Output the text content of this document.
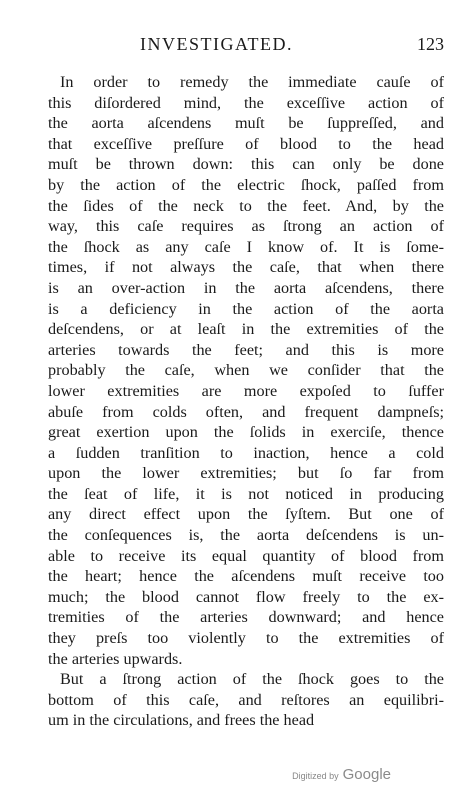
INVESTIGATED.	123
In order to remedy the immediate cauſe of
this diſordered mind, the exceſſive action of
the aorta aſcendens muſt be ſuppreſſed, and
that exceſſive preſſure of blood to the head
muſt be thrown down: this can only be done
by the action of the electric ſhock, paſſed from
the ſides of the neck to the feet. And, by the
way, this caſe requires as ſtrong an action of
the ſhock as any caſe I know of. It is ſome-
times, if not always the caſe, that when there
is an over-action in the aorta aſcendens, there
is a deficiency in the action of the aorta
deſcendens, or at leaſt in the extremities of the
arteries towards the feet; and this is more
probably the caſe, when we conſider that the
lower extremities are more expoſed to ſuffer
abuſe from colds often, and frequent dampneſs;
great exertion upon the ſolids in exerciſe, thence
a ſudden tranſition to inaction, hence a cold
upon the lower extremities; but ſo far from
the ſeat of life, it is not noticed in producing
any direct effect upon the ſyſtem. But one of
the conſequences is, the aorta deſcendens is un-
able to receive its equal quantity of blood from
the heart; hence the aſcendens muſt receive too
much; the blood cannot flow freely to the ex-
tremities of the arteries downward; and hence
they preſs too violently to the extremities of
the arteries upwards.
But a ſtrong action of the ſhock goes to the
bottom of this caſe, and reſtores an equilibri-
um in the circulations, and frees the head
Digitized by Google
